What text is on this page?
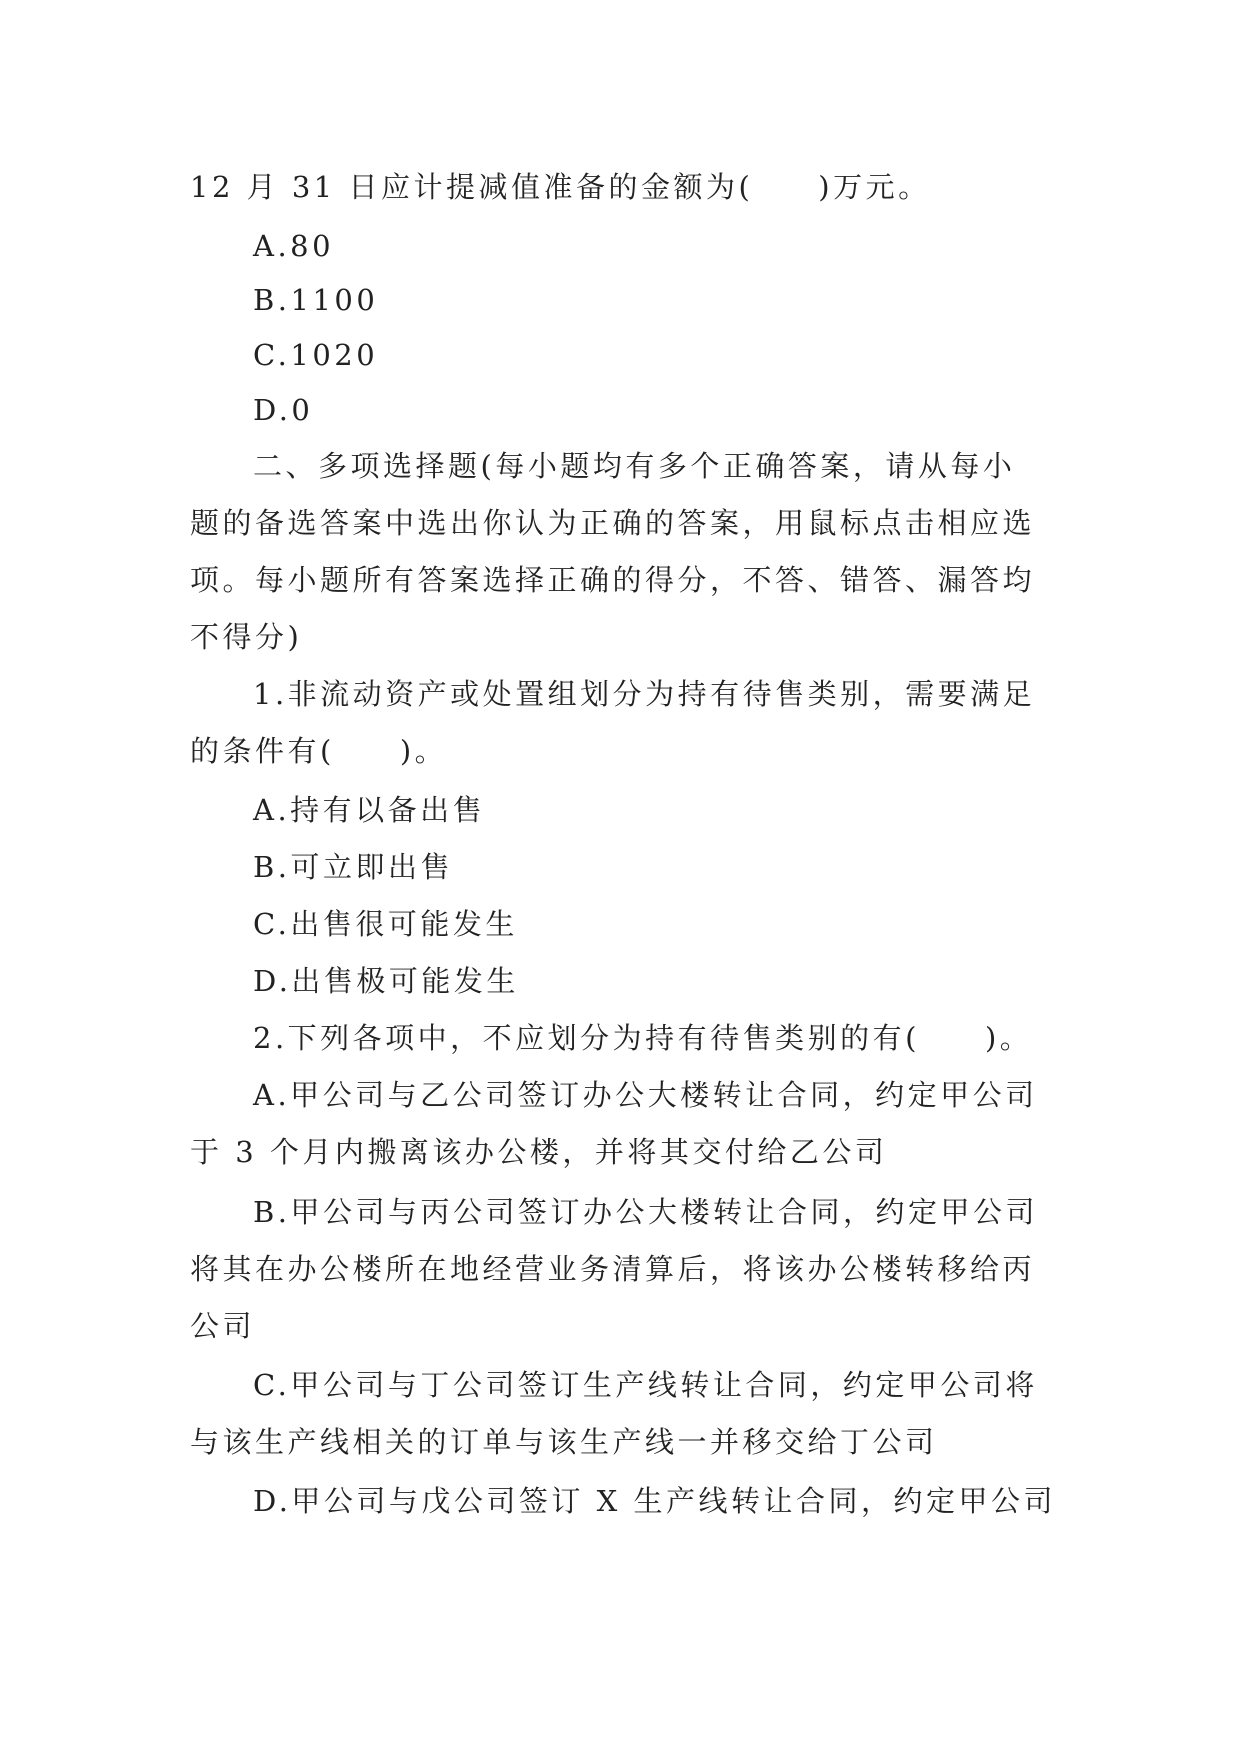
12 月 31 日应计提减值准备的金额为(　　)万元。
A.80
B.1100
C.1020
D.0
二、多项选择题(每小题均有多个正确答案，请从每小
题的备选答案中选出你认为正确的答案，用鼠标点击相应选
项。每小题所有答案选择正确的得分，不答、错答、漏答均
不得分)
1.非流动资产或处置组划分为持有待售类别，需要满足
的条件有(　　)。
A.持有以备出售
B.可立即出售
C.出售很可能发生
D.出售极可能发生
2.下列各项中，不应划分为持有待售类别的有(　　)。
A.甲公司与乙公司签订办公大楼转让合同，约定甲公司
于 3 个月内搬离该办公楼，并将其交付给乙公司
B.甲公司与丙公司签订办公大楼转让合同，约定甲公司
将其在办公楼所在地经营业务清算后，将该办公楼转移给丙
公司
C.甲公司与丁公司签订生产线转让合同，约定甲公司将
与该生产线相关的订单与该生产线一并移交给丁公司
D.甲公司与戊公司签订 X 生产线转让合同，约定甲公司
